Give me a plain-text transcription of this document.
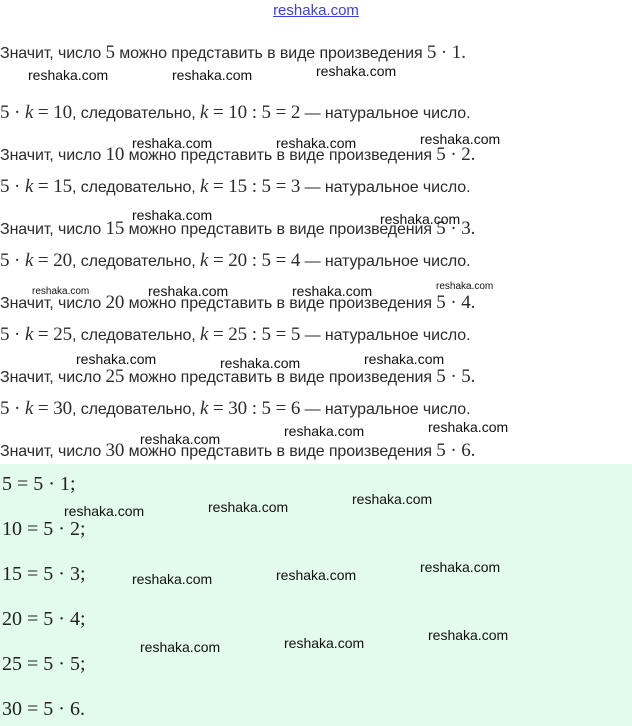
reshaka.com
Значит, число 5 можно представить в виде произведения 5 · 1.
5 · k = 10, следовательно, k = 10 : 5 = 2 — натуральное число.
Значит, число 10 можно представить в виде произведения 5 · 2.
5 · k = 15, следовательно, k = 15 : 5 = 3 — натуральное число.
Значит, число 15 можно представить в виде произведения 5 · 3.
5 · k = 20, следовательно, k = 20 : 5 = 4 — натуральное число.
Значит, число 20 можно представить в виде произведения 5 · 4.
5 · k = 25, следовательно, k = 25 : 5 = 5 — натуральное число.
Значит, число 25 можно представить в виде произведения 5 · 5.
5 · k = 30, следовательно, k = 30 : 5 = 6 — натуральное число.
Значит, число 30 можно представить в виде произведения 5 · 6.
5 = 5 · 1;
10 = 5 · 2;
15 = 5 · 3;
20 = 5 · 4;
25 = 5 · 5;
30 = 5 · 6.
reshaka.com	reshaka.com	reshaka.com
reshaka.com	reshaka.com	reshaka.com
reshaka.com	reshaka.com
reshaka.com	reshaka.com	reshaka.com	reshaka.com
reshaka.com	reshaka.com	reshaka.com
reshaka.com	reshaka.com	reshaka.com
reshaka.com	reshaka.com	reshaka.com
reshaka.com	reshaka.com	reshaka.com
reshaka.com	reshaka.com	reshaka.com
